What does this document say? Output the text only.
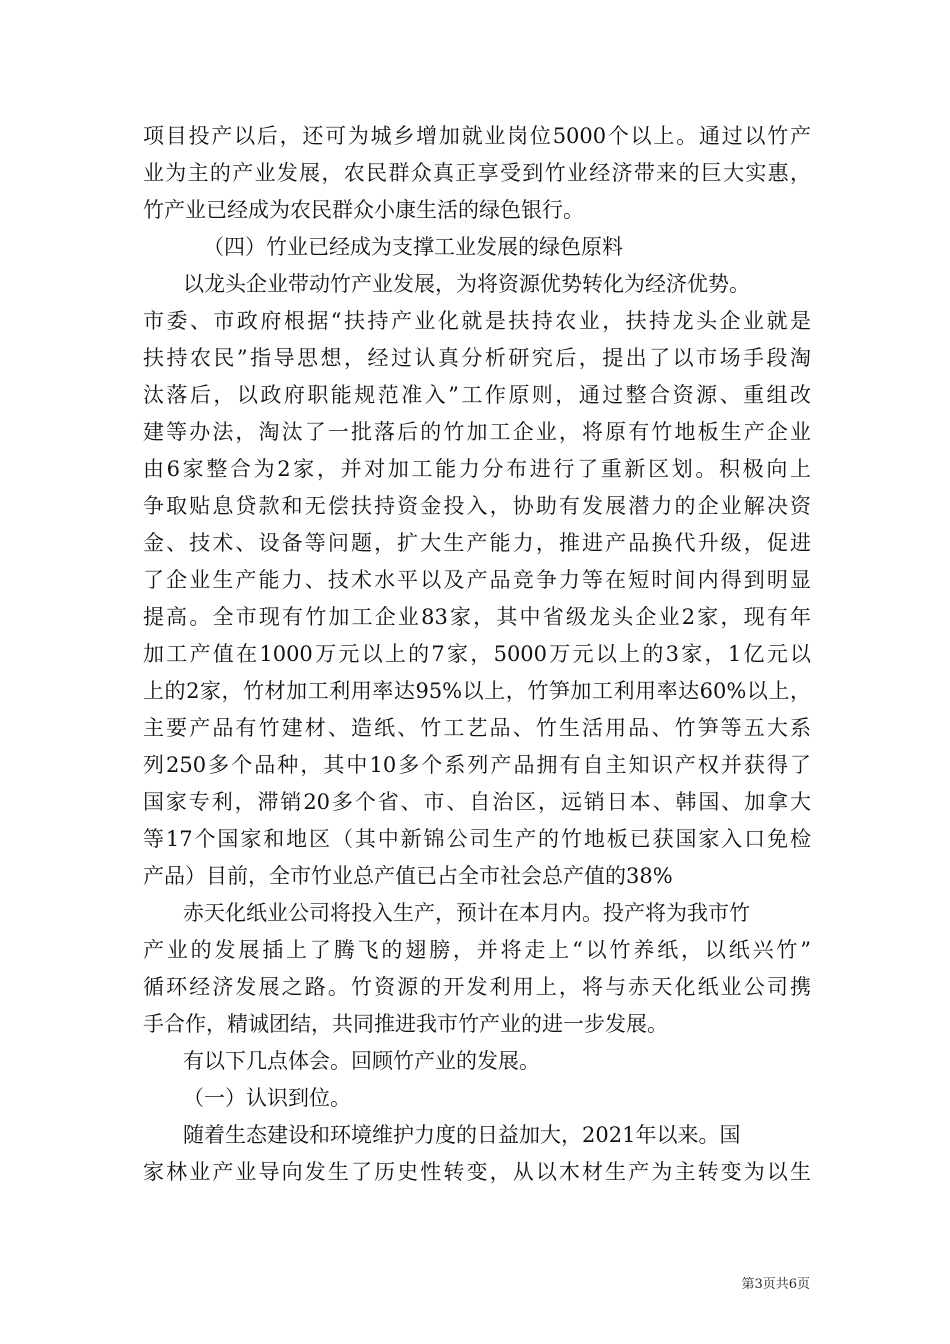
项目投产以后，还可为城乡增加就业岗位5000个以上。通过以竹产
业为主的产业发展，农民群众真正享受到竹业经济带来的巨大实惠，
竹产业已经成为农民群众小康生活的绿色银行。
（四）竹业已经成为支撑工业发展的绿色原料
以龙头企业带动竹产业发展，为将资源优势转化为经济优势。
市委、市政府根据“扶持产业化就是扶持农业，扶持龙头企业就是
扶持农民”指导思想，经过认真分析研究后，提出了以市场手段淘
汰落后，以政府职能规范准入”工作原则，通过整合资源、重组改
建等办法，淘汰了一批落后的竹加工企业，将原有竹地板生产企业
由6家整合为2家，并对加工能力分布进行了重新区划。积极向上
争取贴息贷款和无偿扶持资金投入，协助有发展潜力的企业解决资
金、技术、设备等问题，扩大生产能力，推进产品换代升级，促进
了企业生产能力、技术水平以及产品竞争力等在短时间内得到明显
提高。全市现有竹加工企业83家，其中省级龙头企业2家，现有年
加工产值在1000万元以上的7家，5000万元以上的3家，1亿元以
上的2家，竹材加工利用率达95%以上，竹笋加工利用率达60%以上，
主要产品有竹建材、造纸、竹工艺品、竹生活用品、竹笋等五大系
列250多个品种，其中10多个系列产品拥有自主知识产权并获得了
国家专利，滞销20多个省、市、自治区，远销日本、韩国、加拿大
等17个国家和地区（其中新锦公司生产的竹地板已获国家入口免检
产品）目前，全市竹业总产值已占全市社会总产值的38%
赤天化纸业公司将投入生产，预计在本月内。投产将为我市竹
产业的发展插上了腾飞的翅膀，并将走上“以竹养纸，以纸兴竹”
循环经济发展之路。竹资源的开发利用上，将与赤天化纸业公司携
手合作，精诚团结，共同推进我市竹产业的进一步发展。
有以下几点体会。回顾竹产业的发展。
（一）认识到位。
随着生态建设和环境维护力度的日益加大，2021年以来。国
家林业产业导向发生了历史性转变，从以木材生产为主转变为以生
第3页共6页
